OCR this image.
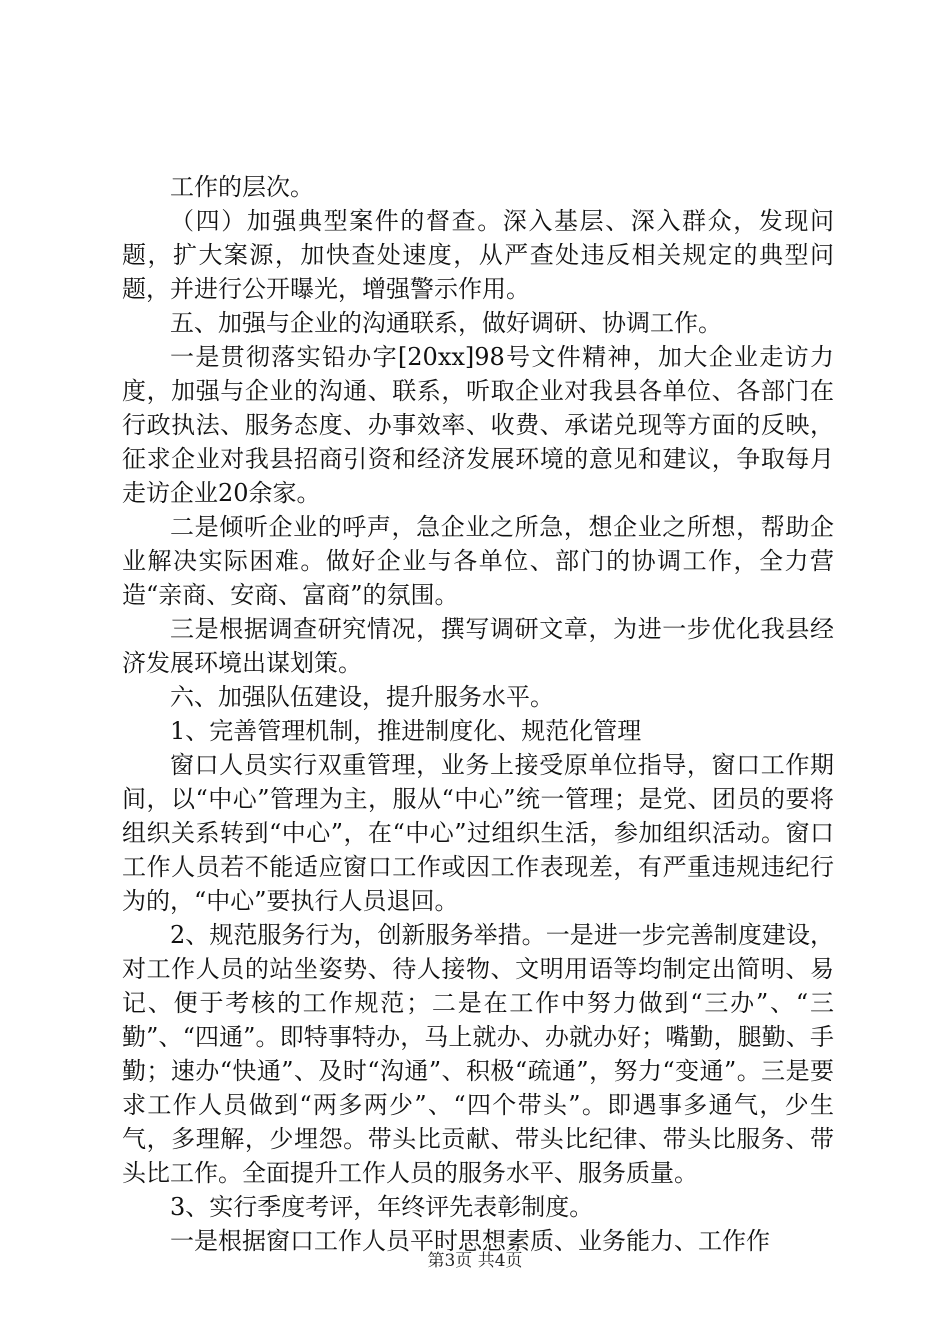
工作的层次。

（四）加强典型案件的督查。深入基层、深入群众，发现问题，扩大案源，加快查处速度，从严查处违反相关规定的典型问题，并进行公开曝光，增强警示作用。

五、加强与企业的沟通联系，做好调研、协调工作。

一是贯彻落实铅办字[20xx]98号文件精神，加大企业走访力度，加强与企业的沟通、联系，听取企业对我县各单位、各部门在行政执法、服务态度、办事效率、收费、承诺兑现等方面的反映，征求企业对我县招商引资和经济发展环境的意见和建议，争取每月走访企业20余家。

二是倾听企业的呼声，急企业之所急，想企业之所想，帮助企业解决实际困难。做好企业与各单位、部门的协调工作，全力营造“亲商、安商、富商”的氛围。

三是根据调查研究情况，撰写调研文章，为进一步优化我县经济发展环境出谋划策。

六、加强队伍建设，提升服务水平。

1、完善管理机制，推进制度化、规范化管理

窗口人员实行双重管理，业务上接受原单位指导，窗口工作期间，以“中心”管理为主，服从“中心”统一管理；是党、团员的要将组织关系转到“中心”，在“中心”过组织生活，参加组织活动。窗口工作人员若不能适应窗口工作或因工作表现差，有严重违规违纪行为的，“中心”要执行人员退回。

2、规范服务行为，创新服务举措。一是进一步完善制度建设，对工作人员的站坐姿势、待人接物、文明用语等均制定出简明、易记、便于考核的工作规范；二是在工作中努力做到“三办”、“三勤”、“四通”。即特事特办，马上就办、办就办好；嘴勤，腿勤、手勤；速办“快通”、及时“沟通”、积极“疏通”，努力“变通”。三是要求工作人员做到“两多两少”、“四个带头”。即遇事多通气，少生气，多理解，少埋怨。带头比贡献、带头比纪律、带头比服务、带头比工作。全面提升工作人员的服务水平、服务质量。

3、实行季度考评，年终评先表彰制度。

一是根据窗口工作人员平时思想素质、业务能力、工作作

第3页 共4页
